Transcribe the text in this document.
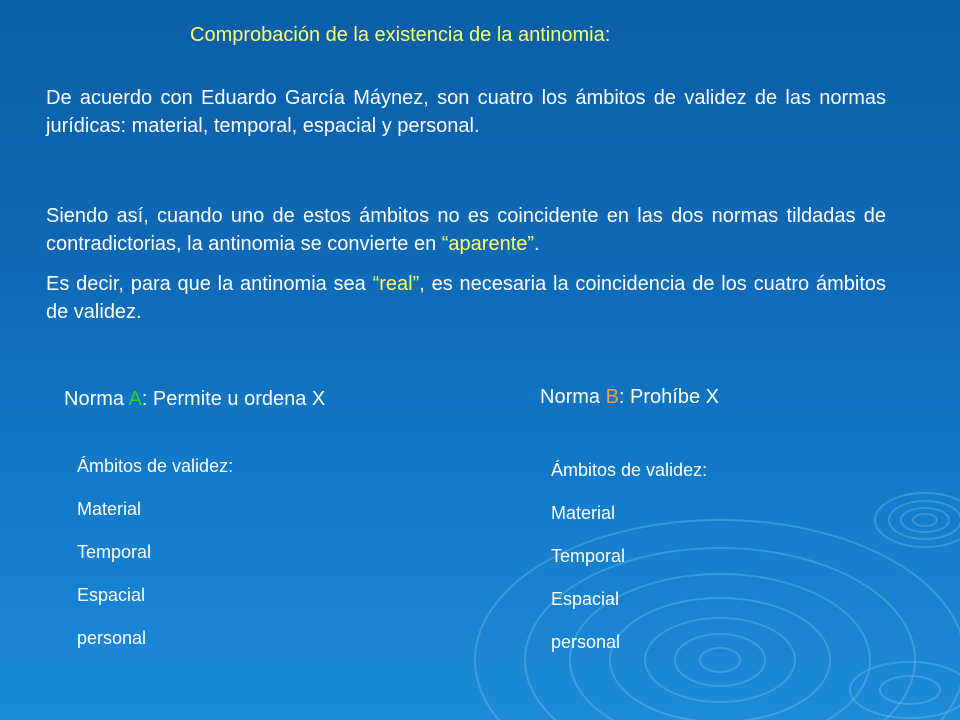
Comprobación de la existencia de la antinomia:
De acuerdo con Eduardo García Máynez, son cuatro los ámbitos de validez de las normas jurídicas: material, temporal, espacial y personal.
Siendo así, cuando uno de estos ámbitos no es coincidente en las dos normas tildadas de contradictorias, la antinomia se convierte en “aparente”.
Es decir, para que la antinomia sea “real”, es necesaria la coincidencia de los cuatro ámbitos de validez.
Norma A: Permite u ordena X	Norma B: Prohíbe X
Ámbitos de validez:
Material
Temporal
Espacial
personal
Ámbitos de validez:
Material
Temporal
Espacial
personal
